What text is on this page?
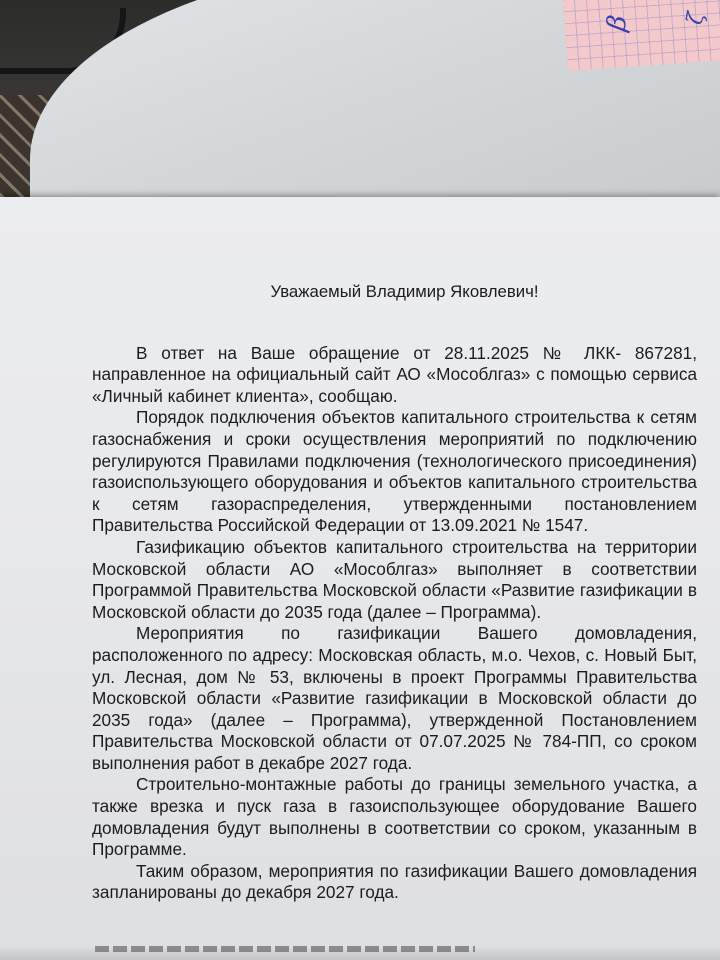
β ζ

Уважаемый Владимир Яковлевич!

В ответ на Ваше обращение от 28.11.2025 № ЛКК- 867281, направленное на официальный сайт АО «Мособлгаз» с помощью сервиса «Личный кабинет клиента», сообщаю.

Порядок подключения объектов капитального строительства к сетям газоснабжения и сроки осуществления мероприятий по подключению регулируются Правилами подключения (технологического присоединения) газоиспользующего оборудования и объектов капитального строительства к сетям газораспределения, утвержденными постановлением Правительства Российской Федерации от 13.09.2021 № 1547.

Газификацию объектов капитального строительства на территории Московской области АО «Мособлгаз» выполняет в соответствии Программой Правительства Московской области «Развитие газификации в Московской области до 2035 года (далее – Программа).

Мероприятия по газификации Вашего домовладения, расположенного по адресу: Московская область, м.о. Чехов, с. Новый Быт, ул. Лесная, дом № 53, включены в проект Программы Правительства Московской области «Развитие газификации в Московской области до 2035 года» (далее – Программа), утвержденной Постановлением Правительства Московской области от 07.07.2025 № 784-ПП, со сроком выполнения работ в декабре 2027 года.

Строительно-монтажные работы до границы земельного участка, а также врезка и пуск газа в газоиспользующее оборудование Вашего домовладения будут выполнены в соответствии со сроком, указанным в Программе.

Таким образом, мероприятия по газификации Вашего домовладения запланированы до декабря 2027 года.
